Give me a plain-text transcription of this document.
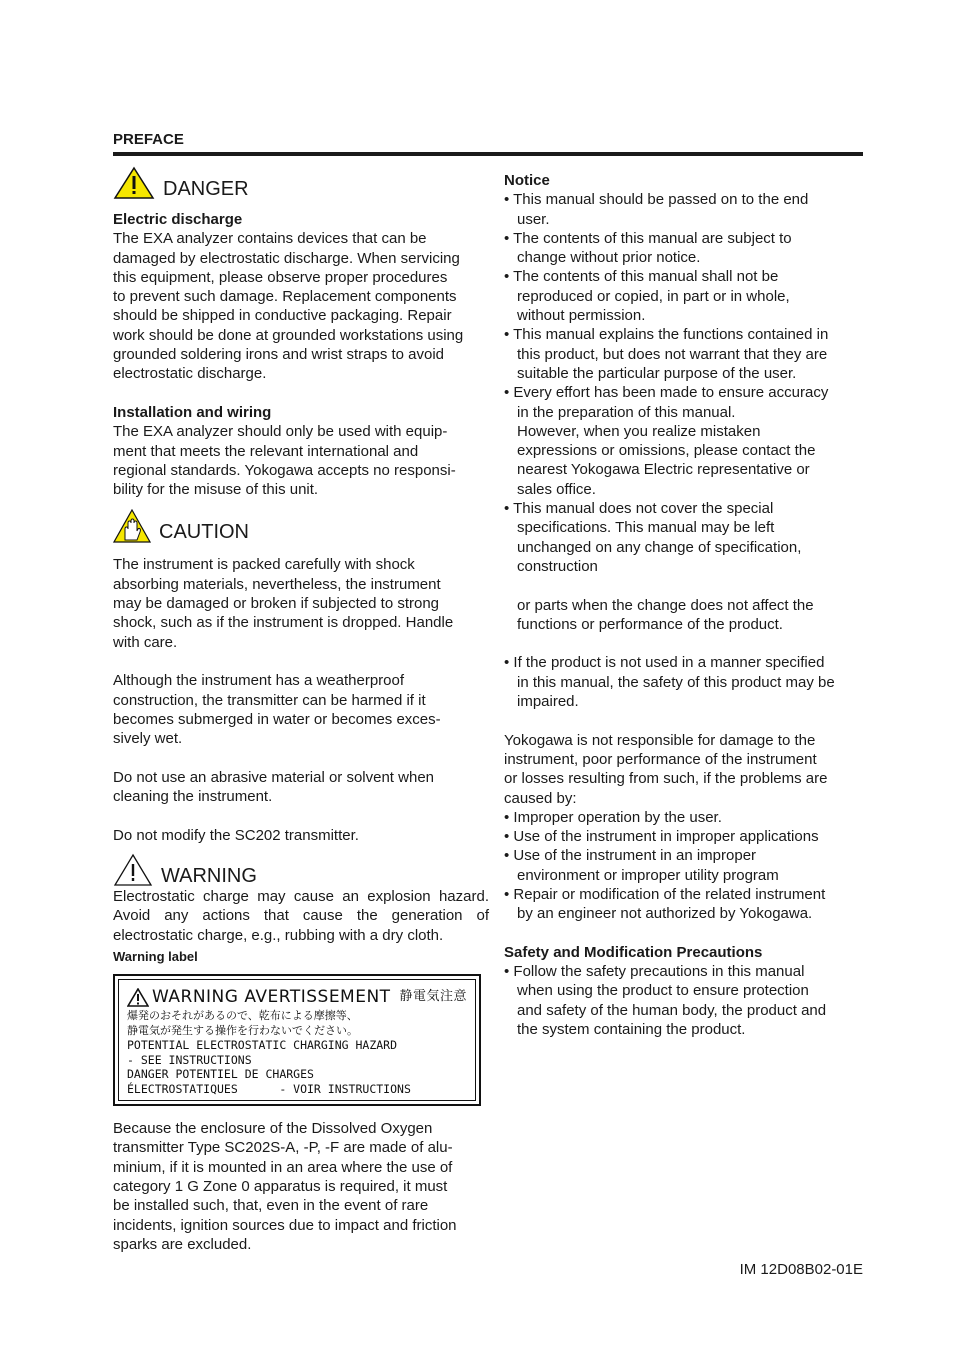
PREFACE
DANGER

Electric discharge

The EXA analyzer contains devices that can be

damaged by electrostatic discharge. When servicing

this equipment, please observe proper procedures

to prevent such damage. Replacement components

should be shipped in conductive packaging. Repair

work should be done at grounded workstations using

grounded soldering irons and wrist straps to avoid

electrostatic discharge.

Installation and wiring

The EXA analyzer should only be used with equip-

ment that meets the relevant international and

regional standards. Yokogawa accepts no responsi-

bility for the misuse of this unit.

CAUTION

The instrument is packed carefully with shock

absorbing materials, nevertheless, the instrument

may be damaged or broken if subjected to strong

shock, such as if the instrument is dropped. Handle

with care.

Although the instrument has a weatherproof

construction, the transmitter can be harmed if it

becomes submerged in water or becomes exces-

sively wet.

Do not use an abrasive material or solvent when

cleaning the instrument.

Do not modify the SC202 transmitter.

WARNING

Electrostatic charge may cause an explosion hazard. Avoid any actions that cause the generation of electrostatic charge, e.g., rubbing with a dry cloth.

Warning label

WARNING AVERTISSEMENT 静電気注意
爆発のおそれがあるので、乾布による摩擦等、
静電気が発生する操作を行わないでください。
POTENTIAL ELECTROSTATIC CHARGING HAZARD
- SEE INSTRUCTIONS
DANGER POTENTIEL DE CHARGES
ÉLECTROSTATIQUES      - VOIR INSTRUCTIONS

Because the enclosure of the Dissolved Oxygen

transmitter Type SC202S-A, -P, -F are made of alu-

minium, if it is mounted in an area where the use of

category 1 G Zone 0 apparatus is required, it must

be installed such, that, even in the event of rare

incidents, ignition sources due to impact and friction

sparks are excluded.

Notice

• This manual should be passed on to the end

user.

• The contents of this manual are subject to

change without prior notice.

• The contents of this manual shall not be

reproduced or copied, in part or in whole,

without permission.

• This manual explains the functions contained in

this product, but does not warrant that they are

suitable the particular purpose of the user.

• Every effort has been made to ensure accuracy

in the preparation of this manual.

However, when you realize mistaken

expressions or omissions, please contact the

nearest Yokogawa Electric representative or

sales office.

• This manual does not cover the special

specifications. This manual may be left

unchanged on any change of specification,

construction

or parts when the change does not affect the

functions or performance of the product.

• If the product is not used in a manner specified

in this manual, the safety of this product may be

impaired.

Yokogawa is not responsible for damage to the

instrument, poor performance of the instrument

or losses resulting from such, if the problems are

caused by:

• Improper operation by the user.

• Use of the instrument in improper applications

• Use of the instrument in an improper

environment or improper utility program

• Repair or modification of the related instrument

by an engineer not authorized by Yokogawa.

Safety and Modification Precautions

• Follow the safety precautions in this manual

when using the product to ensure protection

and safety of the human body, the product and

the system containing the product.

IM 12D08B02-01E
